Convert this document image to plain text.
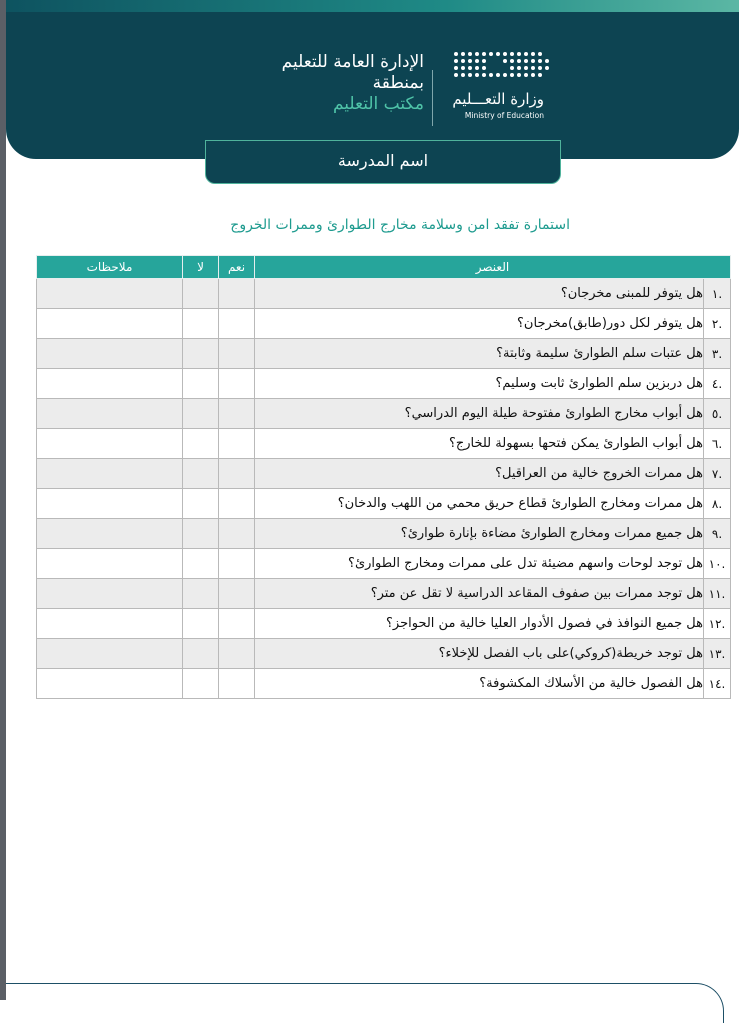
وزارة التعـــليم
Ministry of Education
الإدارة العامة للتعليم
بمنطقة
مكتب التعليم
اسم المدرسة
استمارة تفقد امن وسلامة مخارج الطوارئ وممرات الخروج
العنصر		نعم	لا	ملاحظات
.١	هل يتوفر للمبنى مخرجان؟			
.٢	هل يتوفر لكل دور(طابق)مخرجان؟			
.٣	هل عتبات سلم الطوارئ سليمة وثابتة؟			
.٤	هل دربزين سلم الطوارئ ثابت وسليم؟			
.٥	هل أبواب مخارج الطوارئ مفتوحة طيلة اليوم الدراسي؟			
.٦	هل أبواب الطوارئ يمكن فتحها بسهولة للخارج؟			
.٧	هل ممرات الخروج خالية من العراقيل؟			
.٨	هل ممرات ومخارج الطوارئ قطاع حريق محمي من اللهب والدخان؟			
.٩	هل جميع ممرات ومخارج الطوارئ مضاءة بإنارة طوارئ؟			
.١٠	هل توجد لوحات واسهم مضيئة تدل على ممرات ومخارج الطوارئ؟			
.١١	هل توجد ممرات بين صفوف المقاعد الدراسية لا تقل عن متر؟			
.١٢	هل جميع النوافذ في فصول الأدوار العليا خالية من الحواجز؟			
.١٣	هل توجد خريطة(كروكي)على باب الفصل للإخلاء؟			
.١٤	هل الفصول خالية من الأسلاك المكشوفة؟			
